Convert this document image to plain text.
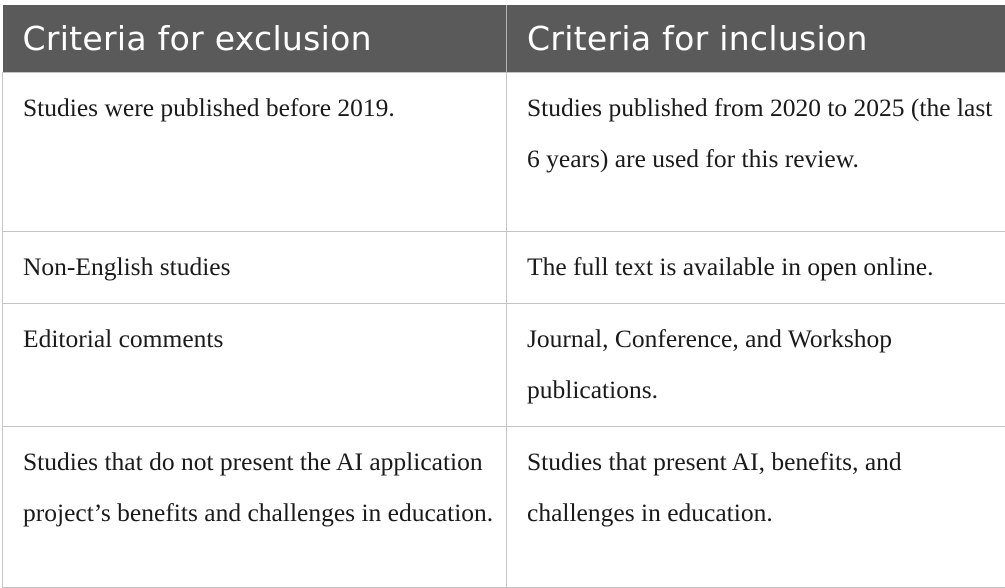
Criteria for exclusion	Criteria for inclusion
Studies were published before 2019.	Studies published from 2020 to 2025 (the last 6 years) are used for this review.
Non-English studies	The full text is available in open online.
Editorial comments	Journal, Conference, and Workshop publications.
Studies that do not present the AI application project’s benefits and challenges in education.	Studies that present AI, benefits, and challenges in education.
